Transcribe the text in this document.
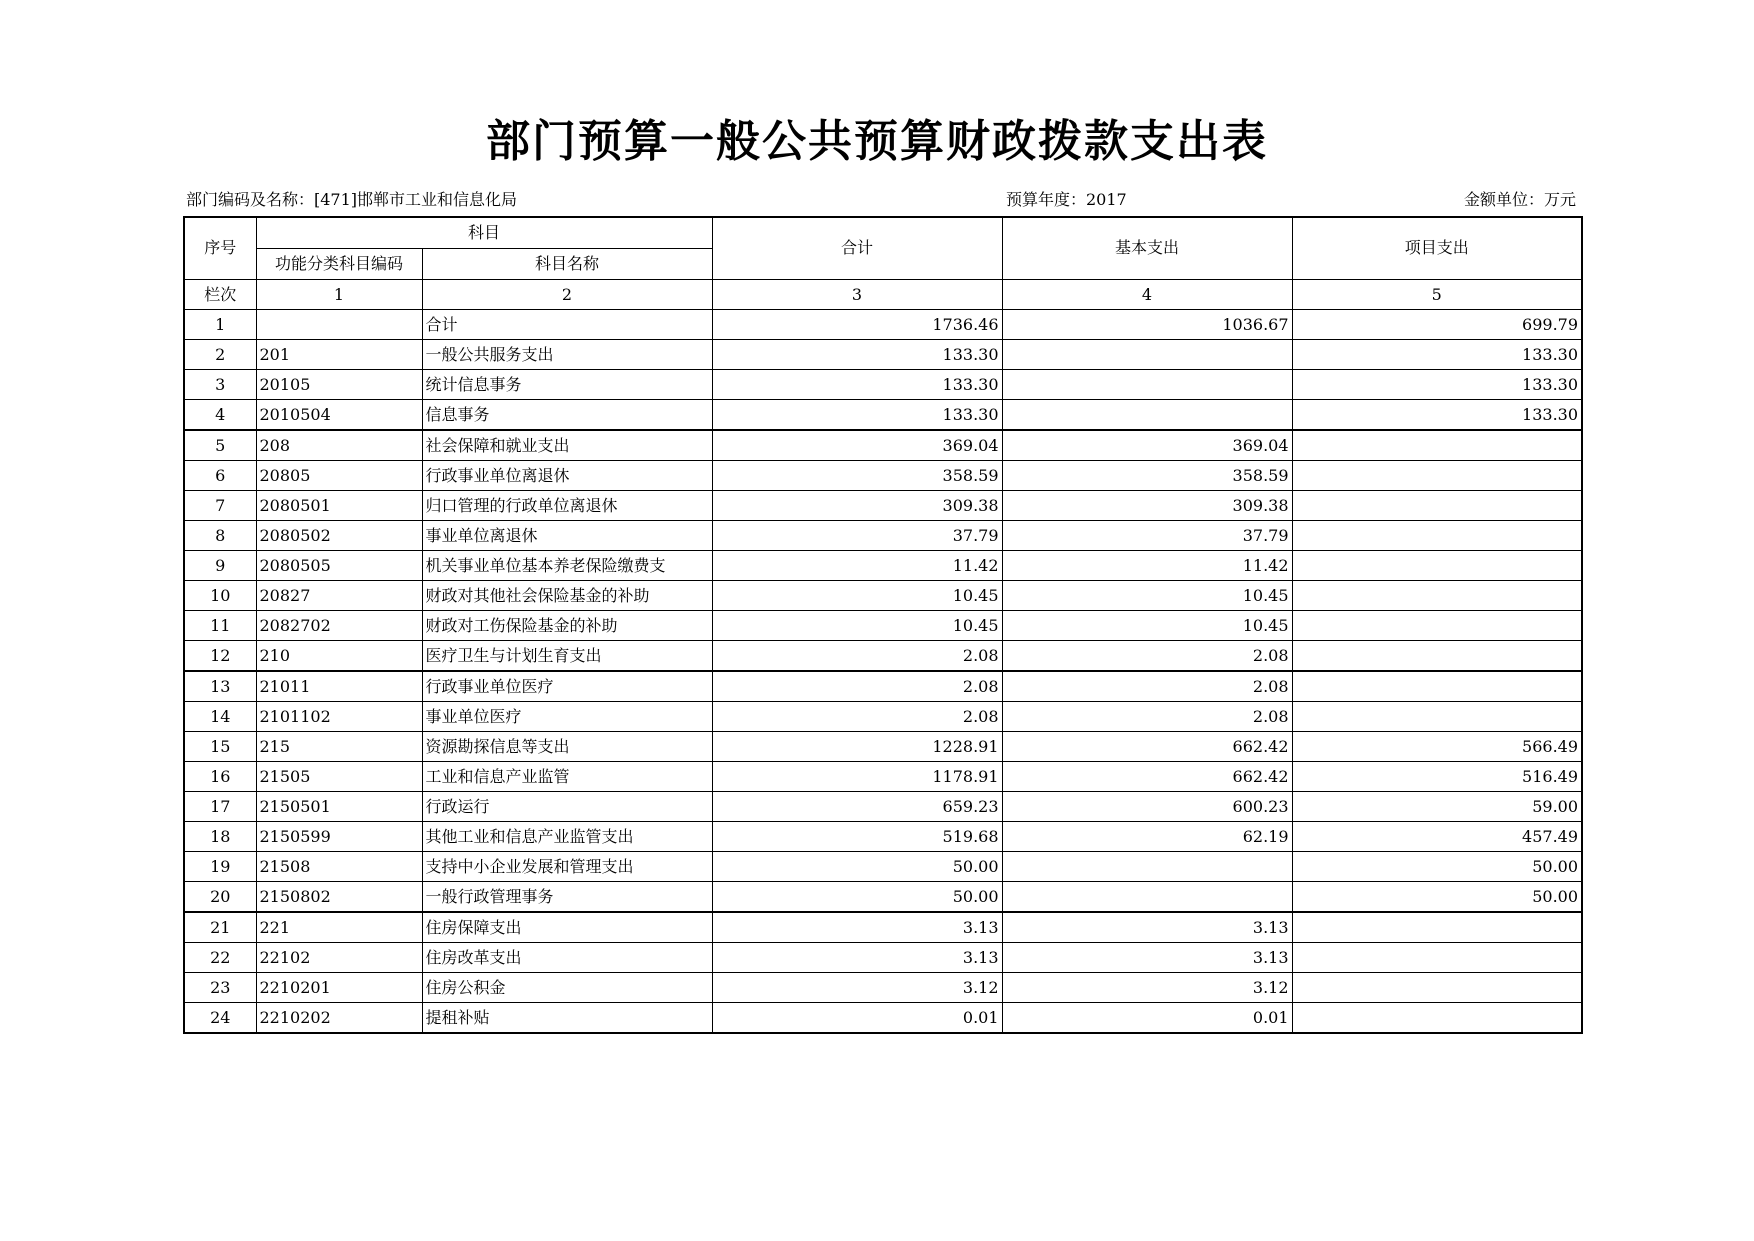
部门预算一般公共预算财政拨款支出表
部门编码及名称：[471]邯郸市工业和信息化局	预算年度：2017	金额单位：万元
序号	科目		合计	基本支出	项目支出
	功能分类科目编码	科目名称			
栏次	1	2	3	4	5
1		合计	1736.46	1036.67	699.79
2	201	一般公共服务支出	133.30		133.30
3	20105	统计信息事务	133.30		133.30
4	2010504	信息事务	133.30		133.30
5	208	社会保障和就业支出	369.04	369.04	
6	20805	行政事业单位离退休	358.59	358.59	
7	2080501	归口管理的行政单位离退休	309.38	309.38	
8	2080502	事业单位离退休	37.79	37.79	
9	2080505	机关事业单位基本养老保险缴费支	11.42	11.42	
10	20827	财政对其他社会保险基金的补助	10.45	10.45	
11	2082702	财政对工伤保险基金的补助	10.45	10.45	
12	210	医疗卫生与计划生育支出	2.08	2.08	
13	21011	行政事业单位医疗	2.08	2.08	
14	2101102	事业单位医疗	2.08	2.08	
15	215	资源勘探信息等支出	1228.91	662.42	566.49
16	21505	工业和信息产业监管	1178.91	662.42	516.49
17	2150501	行政运行	659.23	600.23	59.00
18	2150599	其他工业和信息产业监管支出	519.68	62.19	457.49
19	21508	支持中小企业发展和管理支出	50.00		50.00
20	2150802	一般行政管理事务	50.00		50.00
21	221	住房保障支出	3.13	3.13	
22	22102	住房改革支出	3.13	3.13	
23	2210201	住房公积金	3.12	3.12	
24	2210202	提租补贴	0.01	0.01	
